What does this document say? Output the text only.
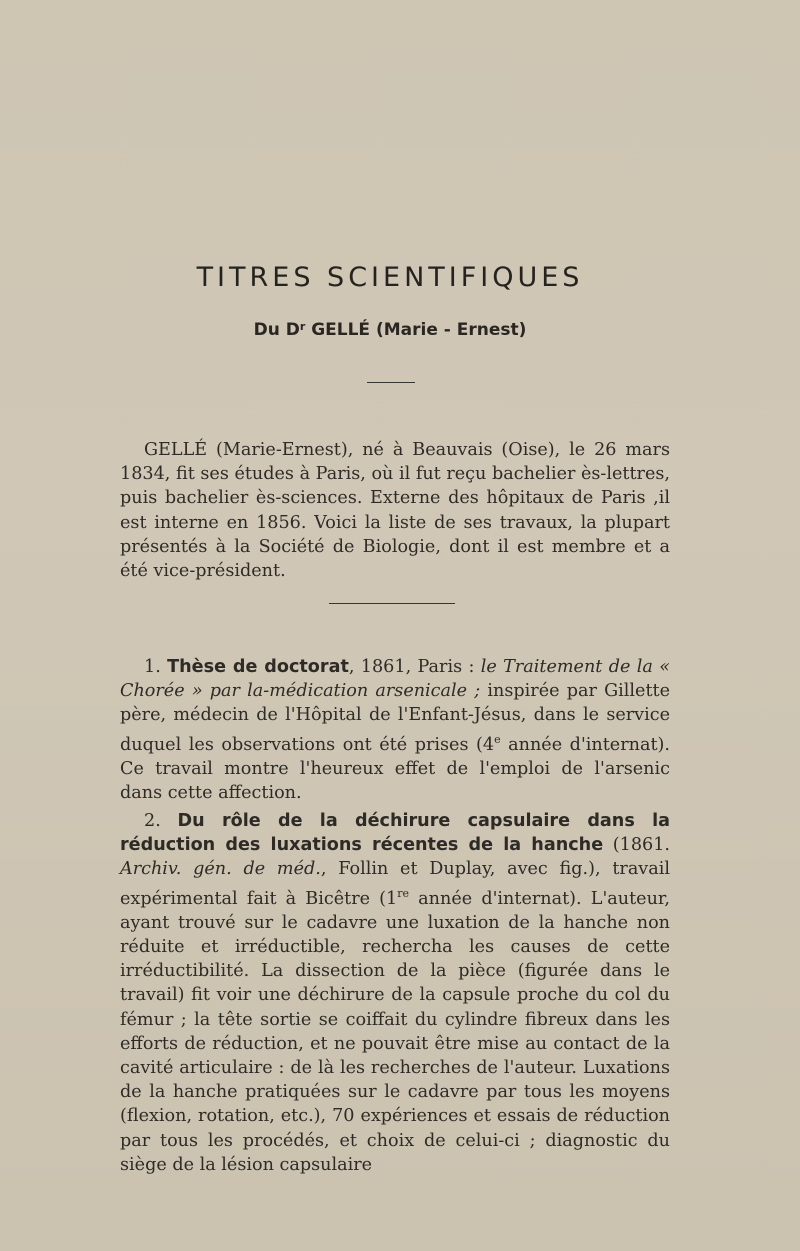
TITRES SCIENTIFIQUES
Du $D^r$ GELLÉ (Marie - Ernest)

GELLÉ (Marie-Ernest), né à Beauvais (Oise), le 26 mars 1834, fit ses études à Paris, où il fut reçu bachelier ès-lettres, puis bachelier ès-sciences. Externe des hôpitaux de Paris ,il est interne en 1856. Voici la liste de ses travaux, la plupart présentés à la Société de Biologie, dont il est membre et a été vice-président.

1. Thèse de doctorat, 1861, Paris : le Traitement de la « Chorée » par la-médication arsenicale ; inspirée par Gillette père, médecin de l'Hôpital de l'Enfant-Jésus, dans le service duquel les observations ont été prises (4e année d'internat). Ce travail montre l'heureux effet de l'emploi de l'arsenic dans cette affection.

2. Du rôle de la déchirure capsulaire dans la réduction des luxations récentes de la hanche (1861. Archiv. gén. de méd., Follin et Duplay, avec fig.), travail expérimental fait à Bicêtre (1re année d'internat). L'auteur, ayant trouvé sur le cadavre une luxation de la hanche non réduite et irréductible, recherchа les causes de cette irréductibilité. La dissection de la pièce (figurée dans le travail) fit voir une déchirure de la capsule proche du col du fémur ; la tête sortie se coiffait du cylindre fibreux dans les efforts de réduction, et ne pouvait être mise au contact de la cavité articulaire : de là les recherches de l'auteur. Luxations de la hanche pratiquées sur le cadavre par tous les moyens (flexion, rotation, etc.), 70 expériences et essais de réduction par tous les procédés, et choix de celui-ci ; diagnostic du siège de la lésion capsulaire
